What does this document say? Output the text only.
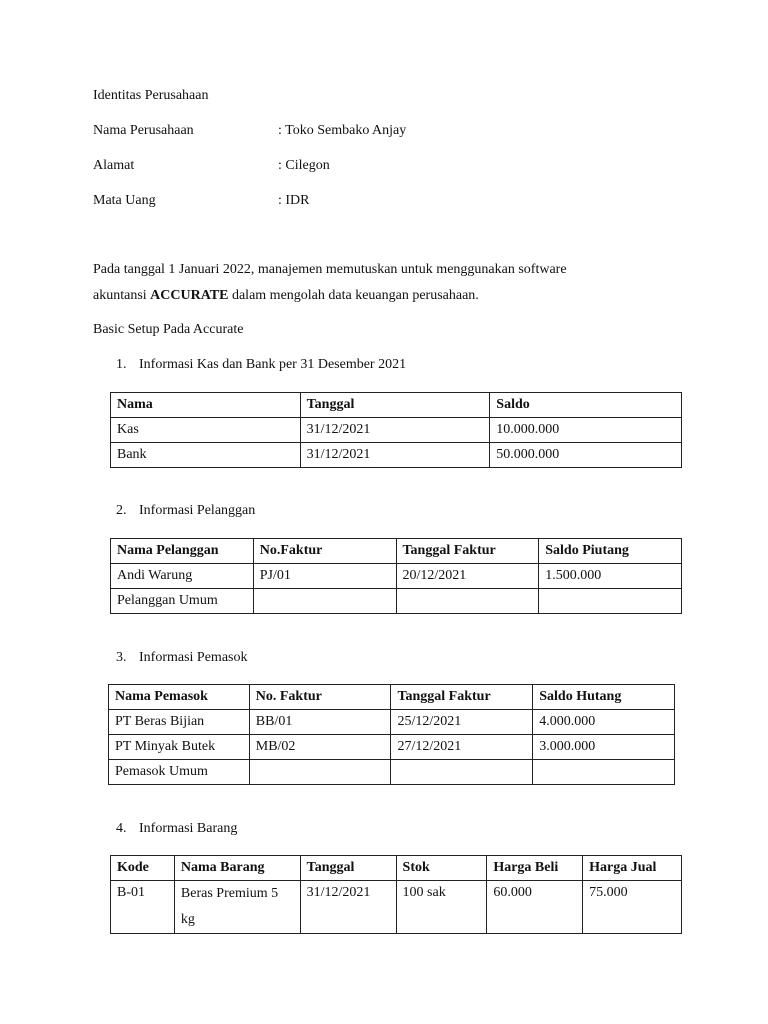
Identitas Perusahaan
Nama Perusahaan	: Toko Sembako Anjay
Alamat	: Cilegon
Mata Uang	: IDR
Pada tanggal 1 Januari 2022, manajemen memutuskan untuk menggunakan software
akuntansi ACCURATE dalam mengolah data keuangan perusahaan.
Basic Setup Pada Accurate
1. Informasi Kas dan Bank per 31 Desember 2021
Nama	Tanggal	Saldo
Kas	31/12/2021	10.000.000
Bank	31/12/2021	50.000.000
2. Informasi Pelanggan
Nama Pelanggan	No.Faktur	Tanggal Faktur	Saldo Piutang
Andi Warung	PJ/01	20/12/2021	1.500.000
Pelanggan Umum			
3. Informasi Pemasok
Nama Pemasok	No. Faktur	Tanggal Faktur	Saldo Hutang
PT Beras Bijian	BB/01	25/12/2021	4.000.000
PT Minyak Butek	MB/02	27/12/2021	3.000.000
Pemasok Umum			
4. Informasi Barang
Kode	Nama Barang	Tanggal	Stok	Harga Beli	Harga Jual
B-01	Beras Premium 5 kg	31/12/2021	100 sak	60.000	75.000
